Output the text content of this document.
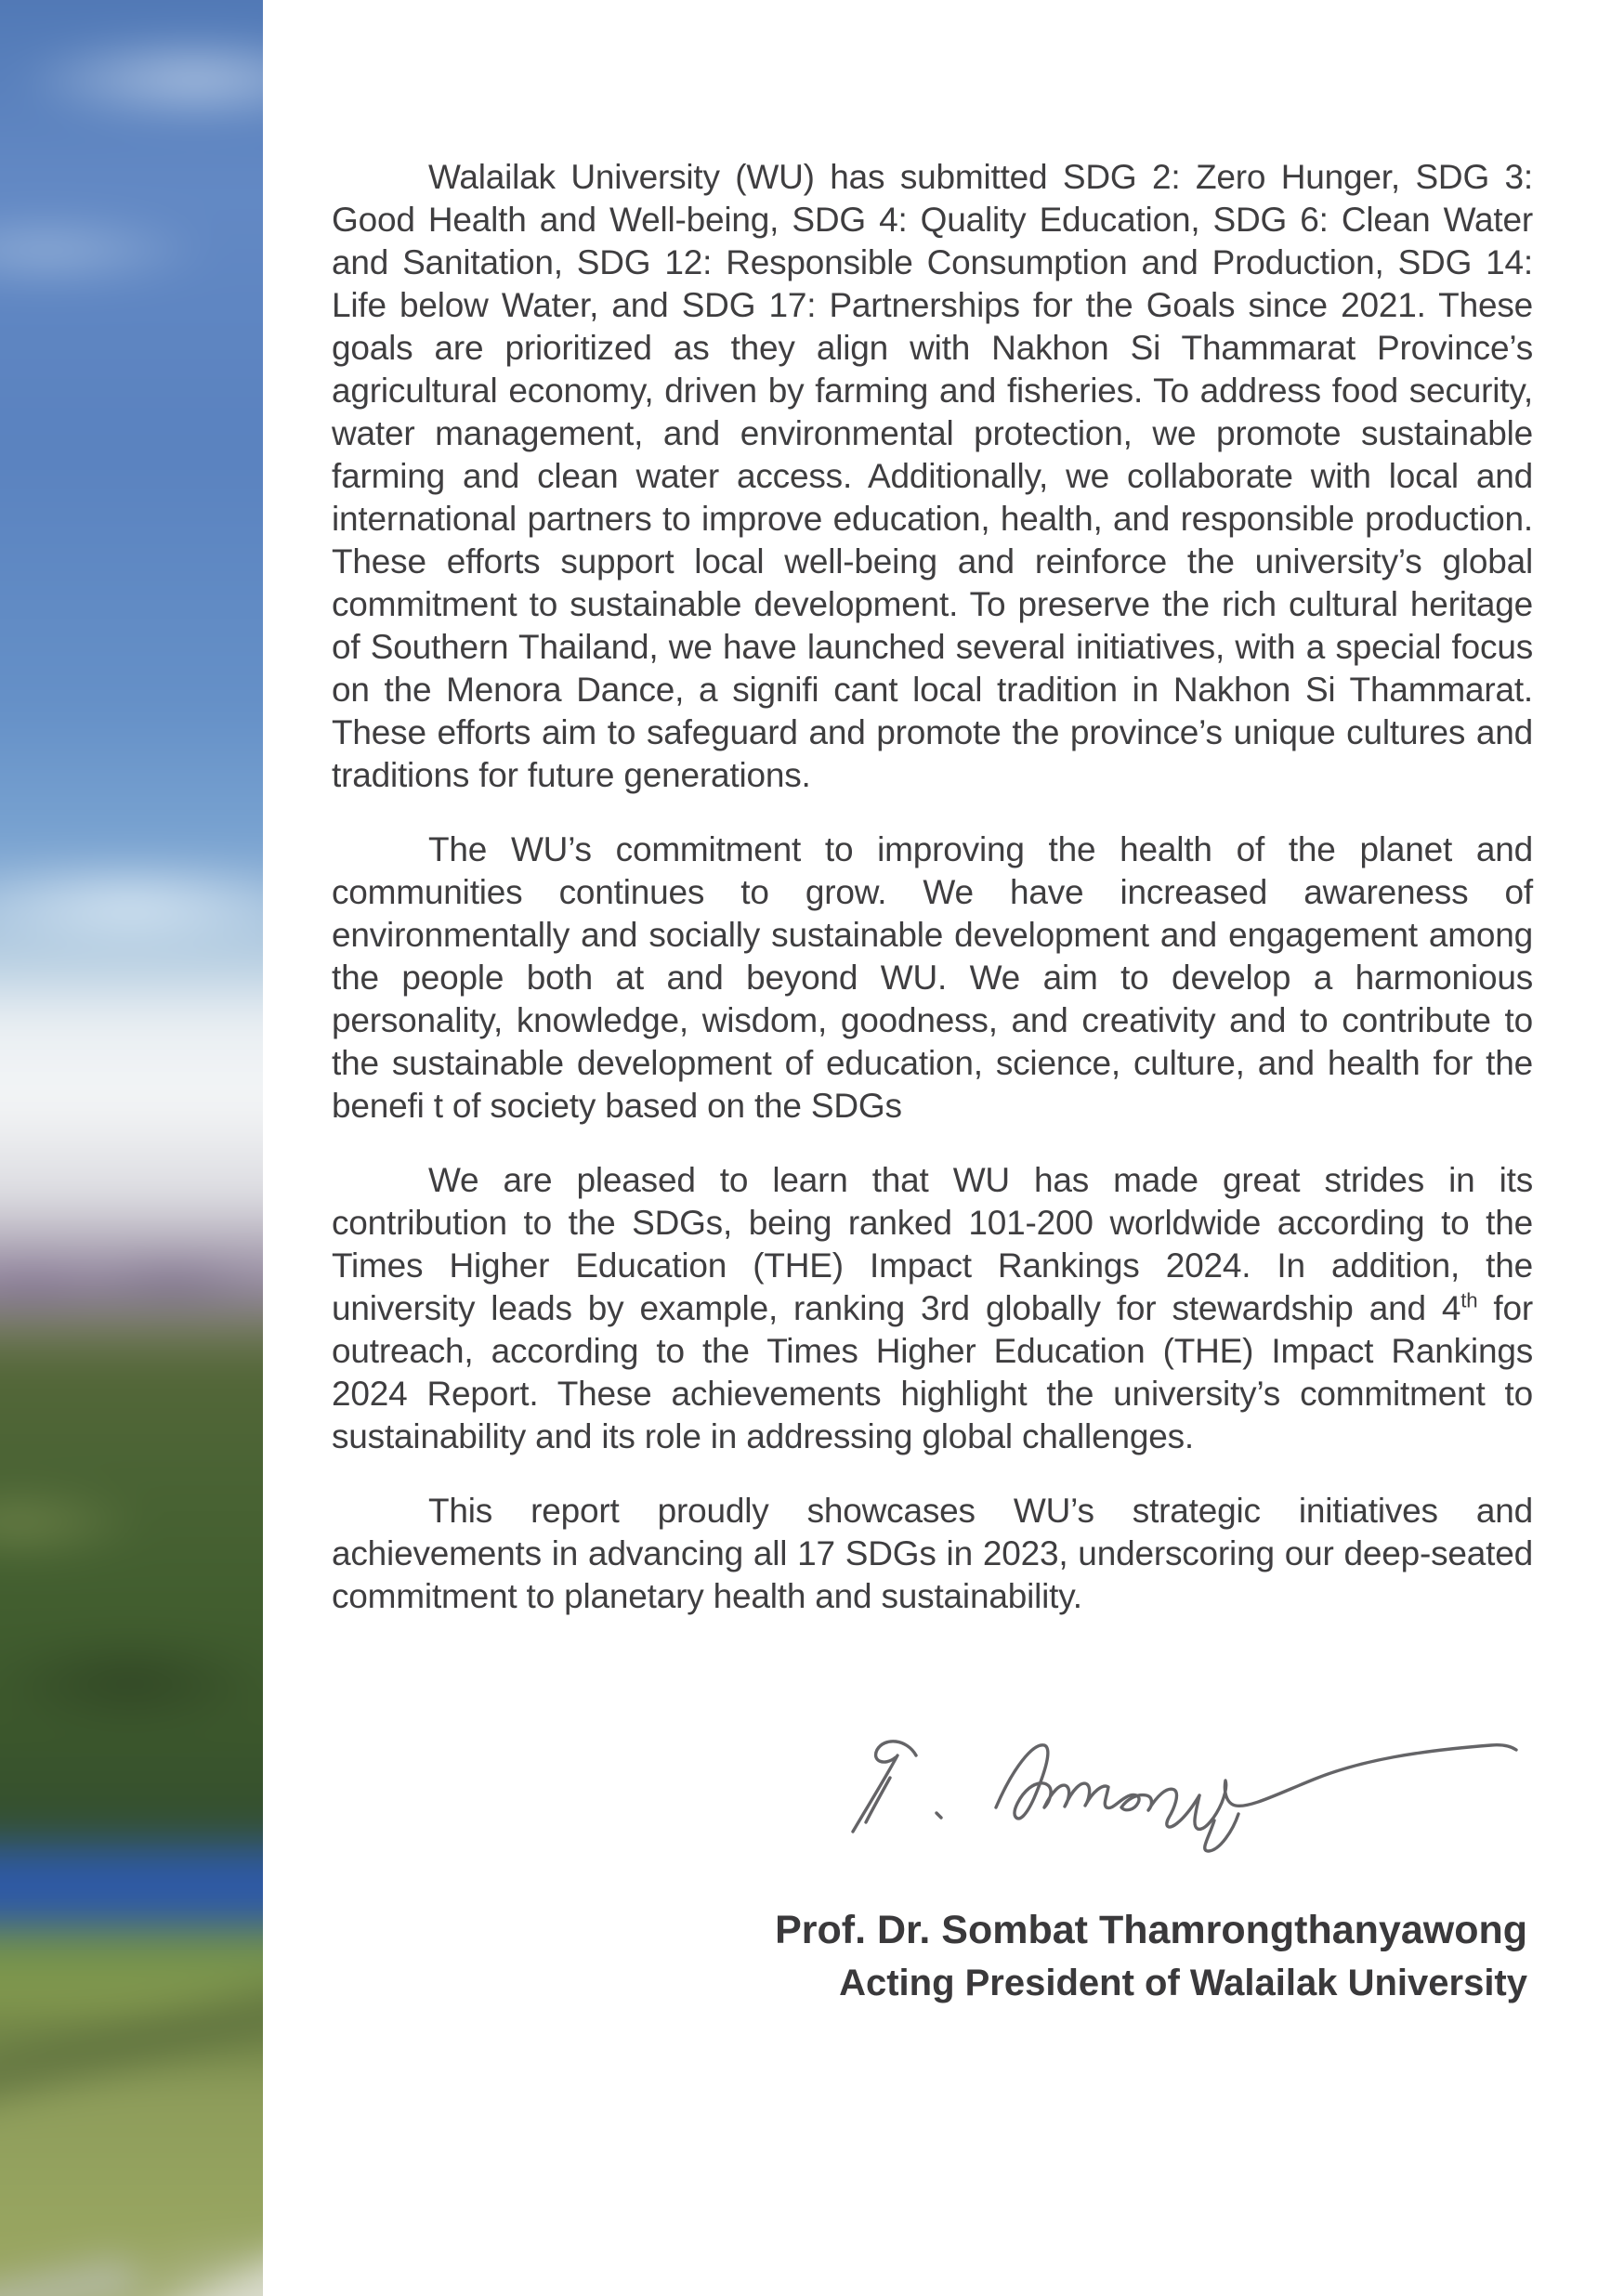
Walailak University (WU) has submitted SDG 2: Zero Hunger, SDG 3: Good Health and Well-being, SDG 4: Quality Education, SDG 6: Clean Water and Sanitation, SDG 12: Responsible Consumption and Production, SDG 14: Life below Water, and SDG 17: Partnerships for the Goals since 2021. These goals are prioritized as they align with Nakhon Si Thammarat Province’s agricultural economy, driven by farming and fisheries. To address food security, water management, and environmental protection, we promote sustainable farming and clean water access. Additionally, we collaborate with local and international partners to improve education, health, and responsible production. These efforts support local well-being and reinforce the university’s global commitment to sustainable development. To preserve the rich cultural heritage of Southern Thailand, we have launched several initiatives, with a special focus on the Menora Dance, a signifi cant local tradition in Nakhon Si Thammarat. These efforts aim to safeguard and promote the province’s unique cultures and traditions for future generations.

The WU’s commitment to improving the health of the planet and communities continues to grow. We have increased awareness of environmentally and socially sustainable development and engagement among the people both at and beyond WU. We aim to develop a harmonious personality, knowledge, wisdom, goodness, and creativity and to contribute to the sustainable development of education, science, culture, and health for the benefi t of society based on the SDGs

We are pleased to learn that WU has made great strides in its contribution to the SDGs, being ranked 101-200 worldwide according to the Times Higher Education (THE) Impact Rankings 2024. In addition, the university leads by example, ranking 3rd globally for stewardship and 4th for outreach, according to the Times Higher Education (THE) Impact Rankings 2024 Report. These achievements highlight the university’s commitment to sustainability and its role in addressing global challenges.

This report proudly showcases WU’s strategic initiatives and achievements in advancing all 17 SDGs in 2023, underscoring our deep-seated commitment to planetary health and sustainability.

Prof. Dr. Sombat Thamrongthanyawong
Acting President of Walailak University
